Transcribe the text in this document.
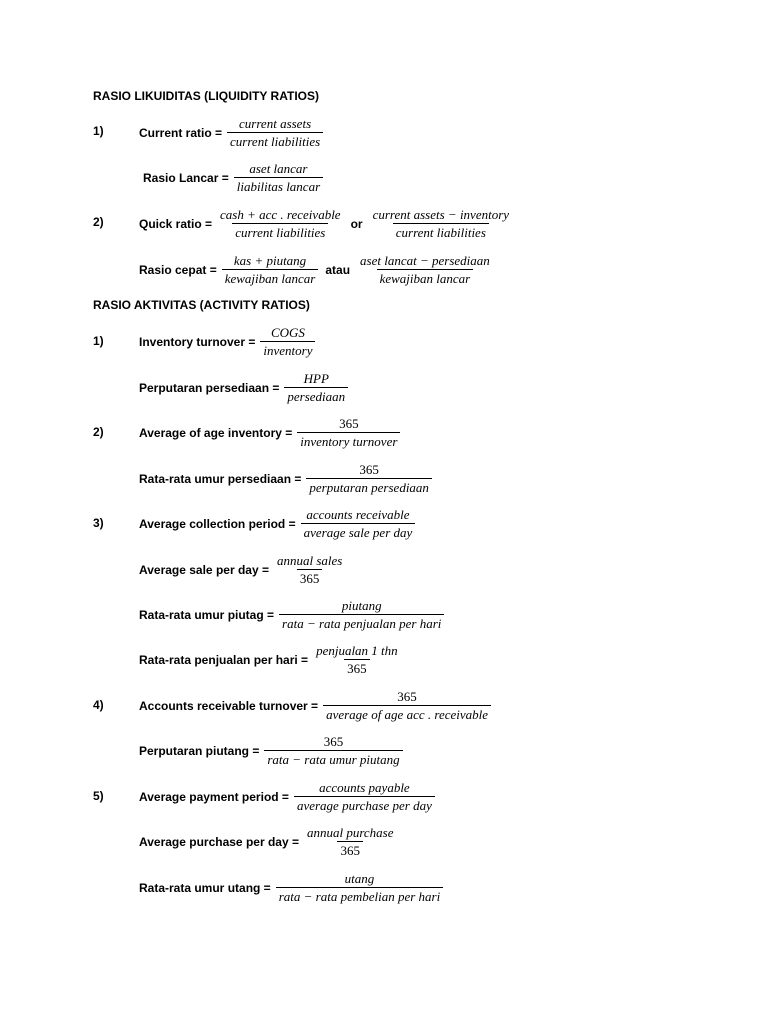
RASIO LIKUIDITAS (LIQUIDITY RATIOS)
1)	Current ratio = $\frac{\text{current assets}}{\text{current liabilities}}$
Rasio Lancar = $\frac{\text{aset lancar}}{\text{liabilitas lancar}}$
2)	Quick ratio = $\frac{\text{cash + acc . receivable}}{\text{current liabilities}}$ or $\frac{\text{current assets − inventory}}{\text{current liabilities}}$
Rasio cepat = $\frac{\text{kas + piutang}}{\text{kewajiban lancar}}$ atau $\frac{\text{aset lancat − persediaan}}{\text{kewajiban lancar}}$
RASIO AKTIVITAS (ACTIVITY RATIOS)
1)	Inventory turnover = $\frac{\text{COGS}}{\text{inventory}}$
Perputaran persediaan = $\frac{\text{HPP}}{\text{persediaan}}$
2)	Average of age inventory = $\frac{365}{\text{inventory turnover}}$
Rata-rata umur persediaan = $\frac{365}{\text{perputaran persediaan}}$
3)	Average collection period = $\frac{\text{accounts receivable}}{\text{average sale per day}}$
Average sale per day = $\frac{\text{annual sales}}{365}$
Rata-rata umur piutag = $\frac{\text{piutang}}{\text{rata − rata penjualan per hari}}$
Rata-rata penjualan per hari = $\frac{\text{penjualan 1 thn}}{365}$
4)	Accounts receivable turnover = $\frac{365}{\text{average of age acc . receivable}}$
Perputaran $piutang = \frac{365}{\text{rata − rata umur piutang}}$
5)	Average payment period = $\frac{\text{accounts payable}}{\text{average purchase per day}}$
Average purchase per day = $\frac{\text{annual purchase}}{365}$
Rata-rata umur $utang = \frac{utang}{\text{rata − rata pembelian per hari}}$
